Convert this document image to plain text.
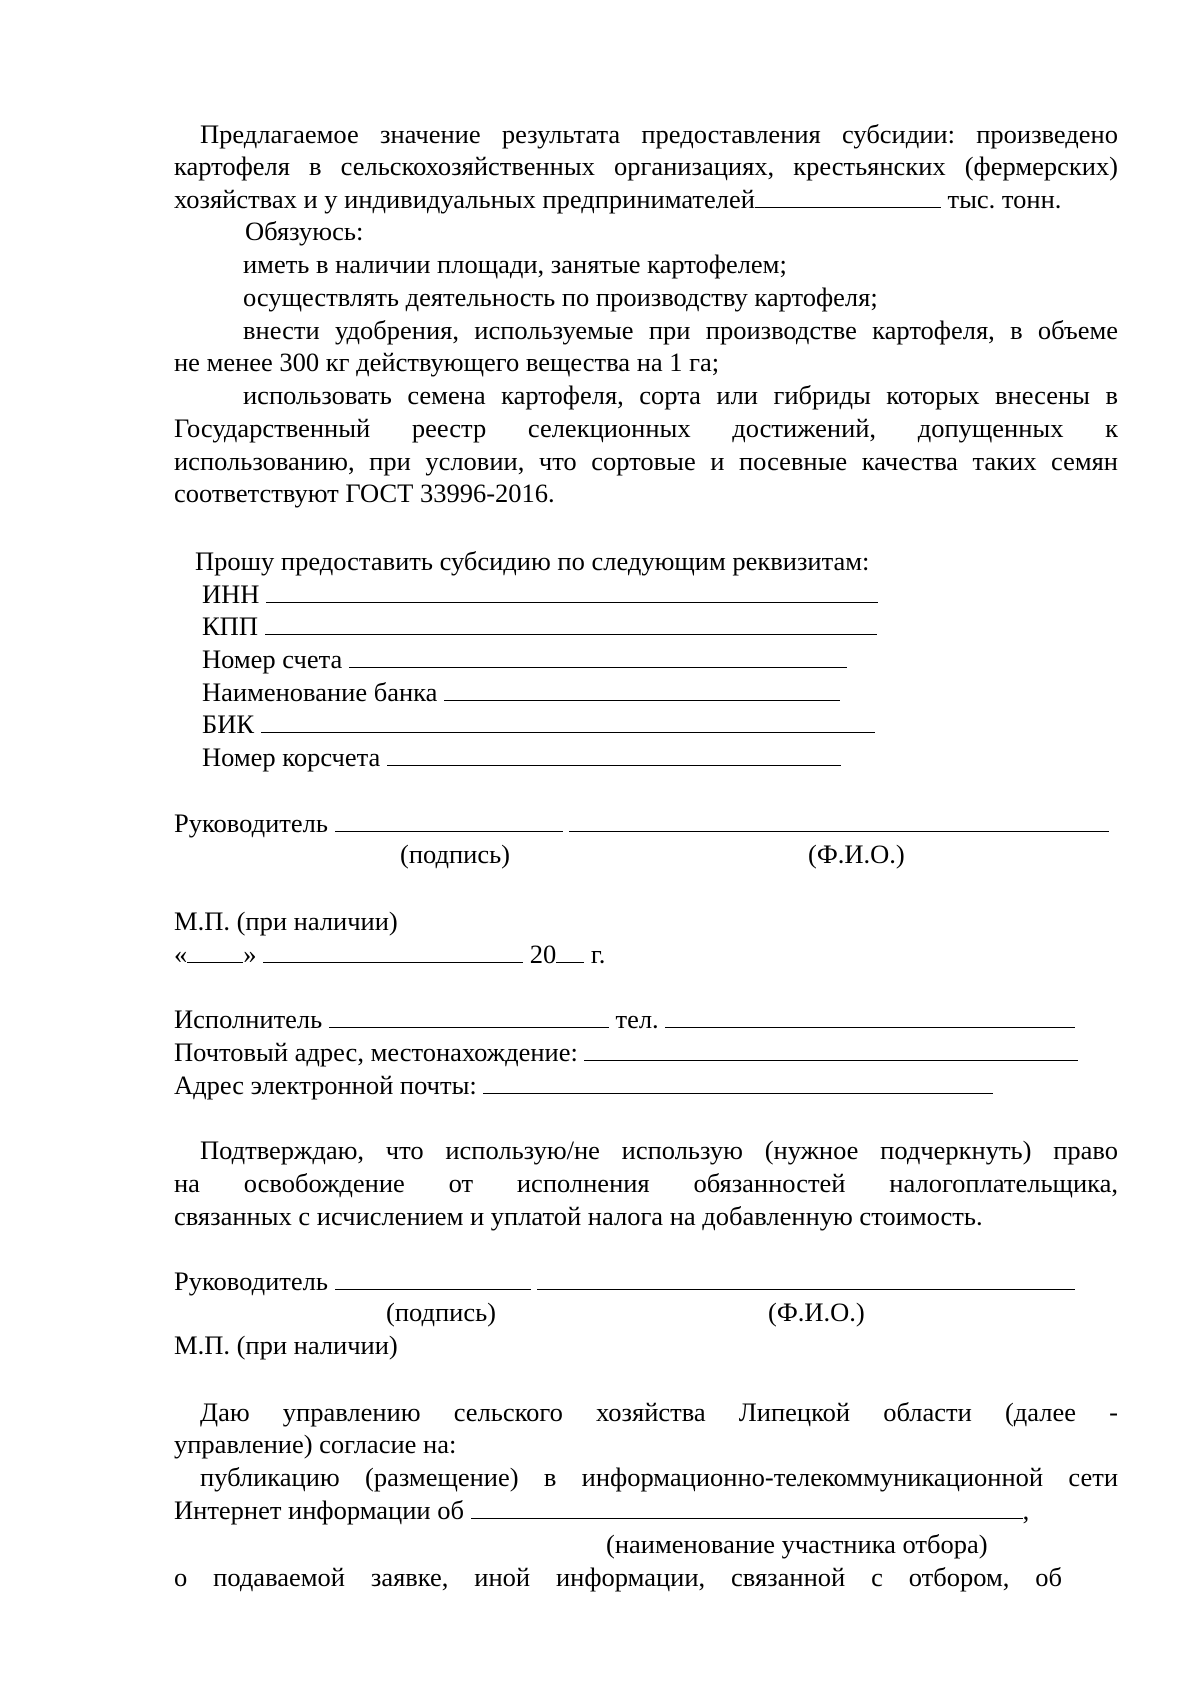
Предлагаемое значение результата предоставления субсидии: произведено
картофеля в сельскохозяйственных организациях, крестьянских (фермерских)
хозяйствах и у индивидуальных предпринимателей	тыс. тонн.
Обязуюсь:
иметь в наличии площади, занятые картофелем;
осуществлять деятельность по производству картофеля;
внести удобрения, используемые при производстве картофеля, в объеме
не менее 300 кг действующего вещества на 1 га;
использовать семена картофеля, сорта или гибриды которых внесены в
Государственный реестр селекционных достижений, допущенных к
использованию, при условии, что сортовые и посевные качества таких семян
соответствуют ГОСТ 33996-2016.
Прошу предоставить субсидию по следующим реквизитам:
ИНН
КПП
Номер счета
Наименование банка
БИК
Номер корсчета
Руководитель
(подпись)	(Ф.И.О.)
М.П. (при наличии)
« »	20 г.
Исполнитель	тел.
Почтовый адрес, местонахождение:
Адрес электронной почты:
Подтверждаю, что использую/не использую (нужное подчеркнуть) право
на освобождение от исполнения обязанностей налогоплательщика,
связанных с исчислением и уплатой налога на добавленную стоимость.
Руководитель
(подпись)	(Ф.И.О.)
М.П. (при наличии)
Даю управлению сельского хозяйства Липецкой области (далее -
управление) согласие на:
публикацию (размещение) в информационно-телекоммуникационной сети
Интернет информации об	,
(наименование участника отбора)
о подаваемой заявке, иной информации, связанной с отбором, об
